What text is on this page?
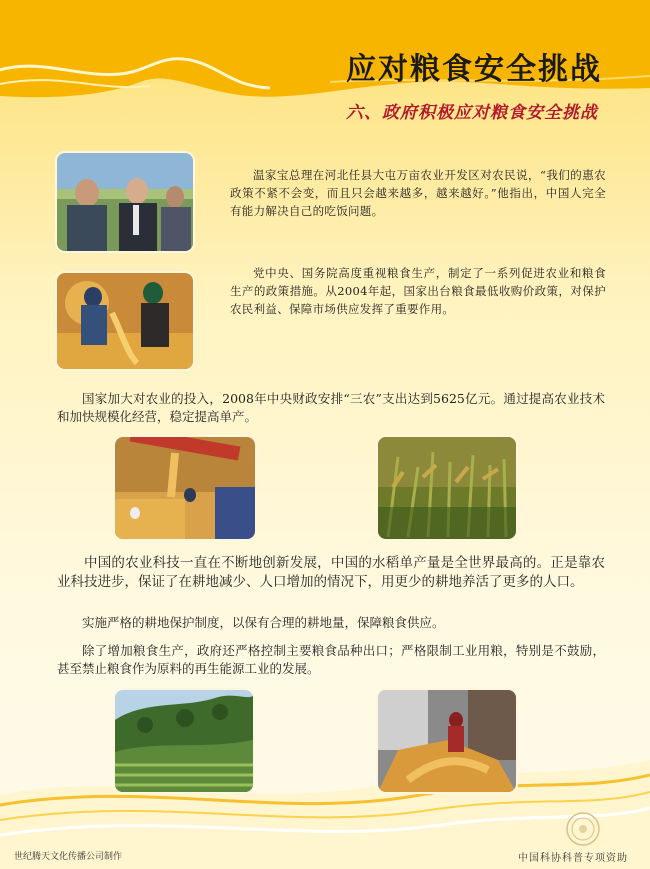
应对粮食安全挑战
六、政府积极应对粮食安全挑战

温家宝总理在河北任县大屯万亩农业开发区对农民说，“我们的惠农政策不紧不会变，而且只会越来越多，越来越好。”他指出，中国人完全有能力解决自己的吃饭问题。

党中央、国务院高度重视粮食生产，制定了一系列促进农业和粮食生产的政策措施。从2004年起，国家出台粮食最低收购价政策，对保护农民利益、保障市场供应发挥了重要作用。

国家加大对农业的投入，2008年中央财政安排“三农”支出达到5625亿元。通过提高农业技术和加快规模化经营，稳定提高单产。

中国的农业科技一直在不断地创新发展，中国的水稻单产量是全世界最高的。正是靠农业科技进步，保证了在耕地减少、人口增加的情况下，用更少的耕地养活了更多的人口。

实施严格的耕地保护制度，以保有合理的耕地量，保障粮食供应。

除了增加粮食生产，政府还严格控制主要粮食品种出口；严格限制工业用粮，特别是不鼓励，甚至禁止粮食作为原料的再生能源工业的发展。

世纪腾天文化传播公司制作	中国科协科普专项资助
